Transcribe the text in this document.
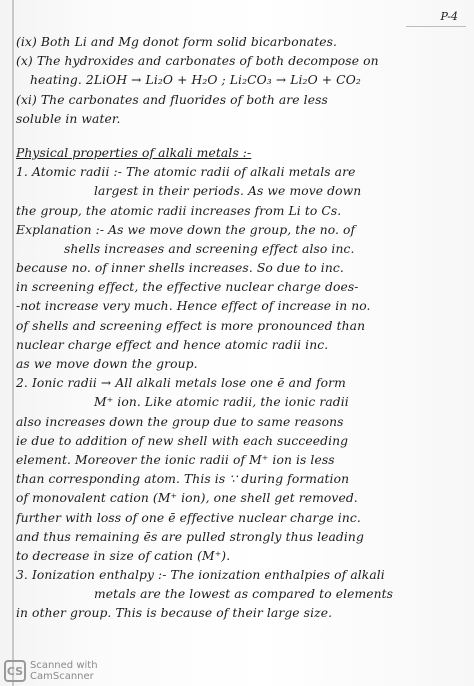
P-4
(ix) Both Li and Mg donot form solid bicarbonates.
(x) The hydroxides and carbonates of both decompose on
heating. 2LiOH → Li₂O + H₂O ; Li₂CO₃ → Li₂O + CO₂
(xi) The carbonates and fluorides of both are less
soluble in water.
Physical properties of alkali metals :-
1. Atomic radii :- The atomic radii of alkali metals are
largest in their periods. As we move down
the group, the atomic radii increases from Li to Cs.
Explanation :- As we move down the group, the no. of
shells increases and screening effect also inc.
because no. of inner shells increases. So due to inc.
in screening effect, the effective nuclear charge does-
-not increase very much. Hence effect of increase in no.
of shells and screening effect is more pronounced than
nuclear charge effect and hence atomic radii inc.
as we move down the group.
2. Ionic radii → All alkali metals lose one ē and form
M⁺ ion. Like atomic radii, the ionic radii
also increases down the group due to same reasons
ie due to addition of new shell with each succeeding
element. Moreover the ionic radii of M⁺ ion is less
than corresponding atom. This is ∵ during formation
of monovalent cation (M⁺ ion), one shell get removed.
further with loss of one ē effective nuclear charge inc.
and thus remaining ēs are pulled strongly thus leading
to decrease in size of cation (M⁺).
3. Ionization enthalpy :- The ionization enthalpies of alkali
metals are the lowest as compared to elements
in other group. This is because of their large size.
CS Scanned with
CamScanner
